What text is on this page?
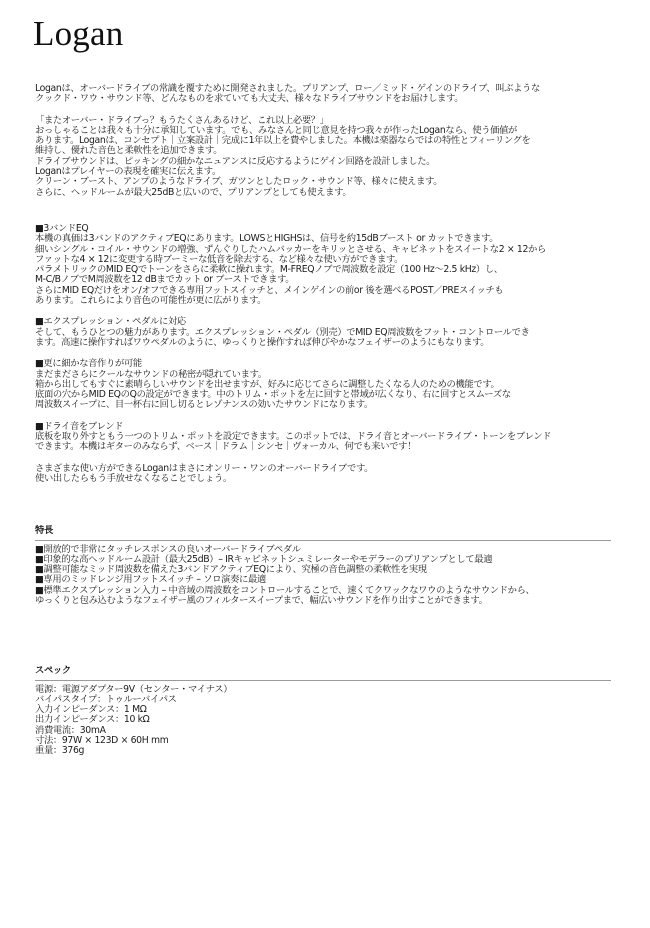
Logan

Loganは、オーバードライブの常識を覆すために開発されました。プリアンプ、ロー／ミッド・ゲインのドライブ、叫ぶような
クックド・ワウ・サウンド等、どんなものを求ていても大丈夫、様々なドライブサウンドをお届けします。

「またオーバー・ドライブっ？もうたくさんあるけど、これ以上必要？」
おっしゃることは我々も十分に承知しています。でも、みなさんと同じ意見を持つ我々が作ったLoganなら、使う価値が
あります。Loganは、コンセプト｜立案設計｜完成に1年以上を費やしました。本機は楽器ならではの特性とフィーリングを
維持し、優れた音色と柔軟性を追加できます。
ドライブサウンドは、ピッキングの細かなニュアンスに反応するようにゲイン回路を設計しました。
Loganはプレイヤーの表現を確実に伝えます。
クリーン・ブースト、アンプのようなドライブ、ガツンとしたロック・サウンド等、様々に使えます。
さらに、ヘッドルームが最大25dBと広いので、プリアンプとしても使えます。

■3バンドEQ

本機の真価は3バンドのアクティブEQにあります。LOWSとHIGHSは、信号を約15dBブースト or カットできます。
細いシングル・コイル・サウンドの増強、ずんぐりしたハムバッカーをキリッとさせる、キャビネットをスイートな2 × 12から
ファットな4 × 12に変更する時ブーミーな低音を除去する、など様々な使い方ができます。
パラメトリックのMID EQでトーンをさらに柔軟に操れます。M-FREQノブで周波数を設定（100 Hz〜2.5 kHz）し、
M-C/BノブでM周波数を12 dBまでカット or ブーストできます。
さらにMID EQだけをオン/オフできる専用フットスイッチと、メインゲインの前or 後を選べるPOST／PREスイッチも
あります。これらにより音色の可能性が更に広がります。

■エクスプレッション・ペダルに対応

そして、もうひとつの魅力があります。エクスプレッション・ペダル（別売）でMID EQ周波数をフット・コントロールでき
ます。高速に操作すればワウペダルのように、ゆっくりと操作すれば伸びやかなフェイザーのようにもなります。

■更に細かな音作りが可能

まだまださらにクールなサウンドの秘密が隠れています。
箱から出してもすぐに素晴らしいサウンドを出せますが、好みに応じてさらに調整したくなる人のための機能です。
底面の穴からMID EQのQの設定ができます。中のトリム・ポットを左に回すと帯域が広くなり、右に回すとスムーズな
周波数スイープに、目一杯右に回し切るとレゾナンスの効いたサウンドになります。

■ドライ音をブレンド

底板を取り外すともう一つのトリム・ポットを設定できます。このポットでは、ドライ音とオーバードライブ・トーンをブレンド
できます。本機はギターのみならず、ベース｜ドラム｜シンセ｜ヴォーカル、何でも来いです！

さまざまな使い方ができるLoganはまさにオンリー・ワンのオーバードライブです。
使い出したらもう手放せなくなることでしょう。

特長

■開放的で非常にタッチレスポンスの良いオーバードライブペダル
■印象的な高ヘッドルーム設計（最大25dB）– IRキャビネットシュミレーターやモデラーのプリアンプとして最適
■調整可能なミッド周波数を備えた3バンドアクティブEQにより、究極の音色調整の柔軟性を実現
■専用のミッドレンジ用フットスイッチ – ソロ演奏に最適
■標準エクスプレッション入力 – 中音域の周波数をコントロールすることで、速くてクワックなワウのようなサウンドから、
ゆっくりと包み込むようなフェイザー風のフィルタースイープまで、幅広いサウンドを作り出すことができます。

スペック

電源：電源アダプター9V（センター・マイナス）
バイパスタイプ：トゥルーバイパス
入力インピーダンス：1 MΩ
出力インピーダンス：10 kΩ
消費電流：30mA
寸法：97W × 123D × 60H mm
重量：376g
